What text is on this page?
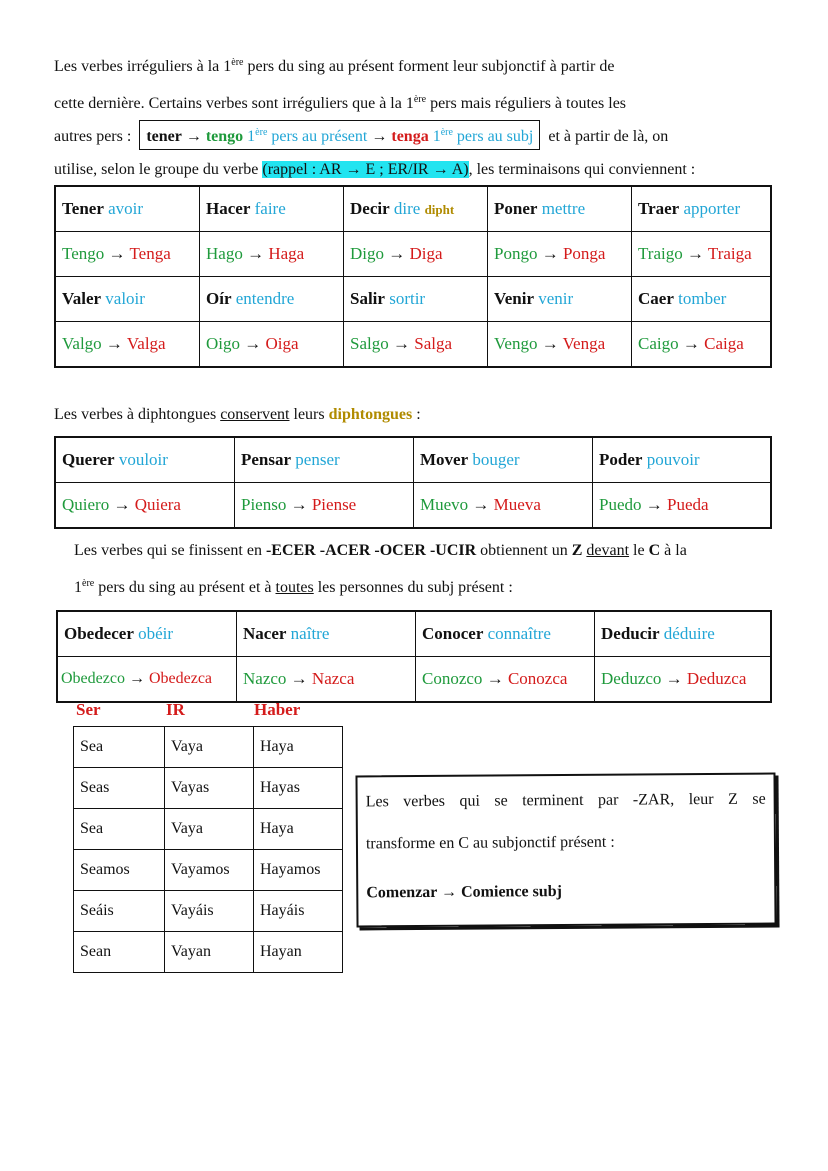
Les verbes irréguliers à la 1ère pers du sing au présent forment leur subjonctif à partir de
cette dernière. Certains verbes sont irréguliers que à la 1ère pers mais réguliers à toutes les
autres pers : tener → tengo 1ère pers au présent → tenga 1ère pers au subj et à partir de là, on
utilise, selon le groupe du verbe (rappel : AR → E ; ER/IR → A), les terminaisons qui conviennent :
Tener avoir	Hacer faire	Decir dire dipht	Poner mettre	Traer apporter
Tengo → Tenga	Hago → Haga	Digo → Diga	Pongo → Ponga	Traigo → Traiga
Valer valoir	Oír entendre	Salir sortir	Venir venir	Caer tomber
Valgo → Valga	Oigo → Oiga	Salgo → Salga	Vengo → Venga	Caigo → Caiga
Les verbes à diphtongues conservent leurs diphtongues :
Querer vouloir	Pensar penser	Mover bouger	Poder pouvoir
Quiero → Quiera	Pienso → Piense	Muevo → Mueva	Puedo → Pueda
Les verbes qui se finissent en -ECER -ACER -OCER -UCIR obtiennent un Z devant le C à la
1ère pers du sing au présent et à toutes les personnes du subj présent :
Obedecer obéir	Nacer naître	Conocer connaître	Deducir déduire
Obedezco → Obedezca	Nazco → Nazca	Conozco → Conozca	Deduzco → Deduzca
Ser	IR	Haber
Sea	Vaya	Haya
Seas	Vayas	Hayas
Sea	Vaya	Haya
Seamos	Vayamos	Hayamos
Seáis	Vayáis	Hayáis
Sean	Vayan	Hayan
Les verbes qui se terminent par -ZAR, leur Z se
transforme en C au subjonctif présent :
Comenzar → Comience subj
